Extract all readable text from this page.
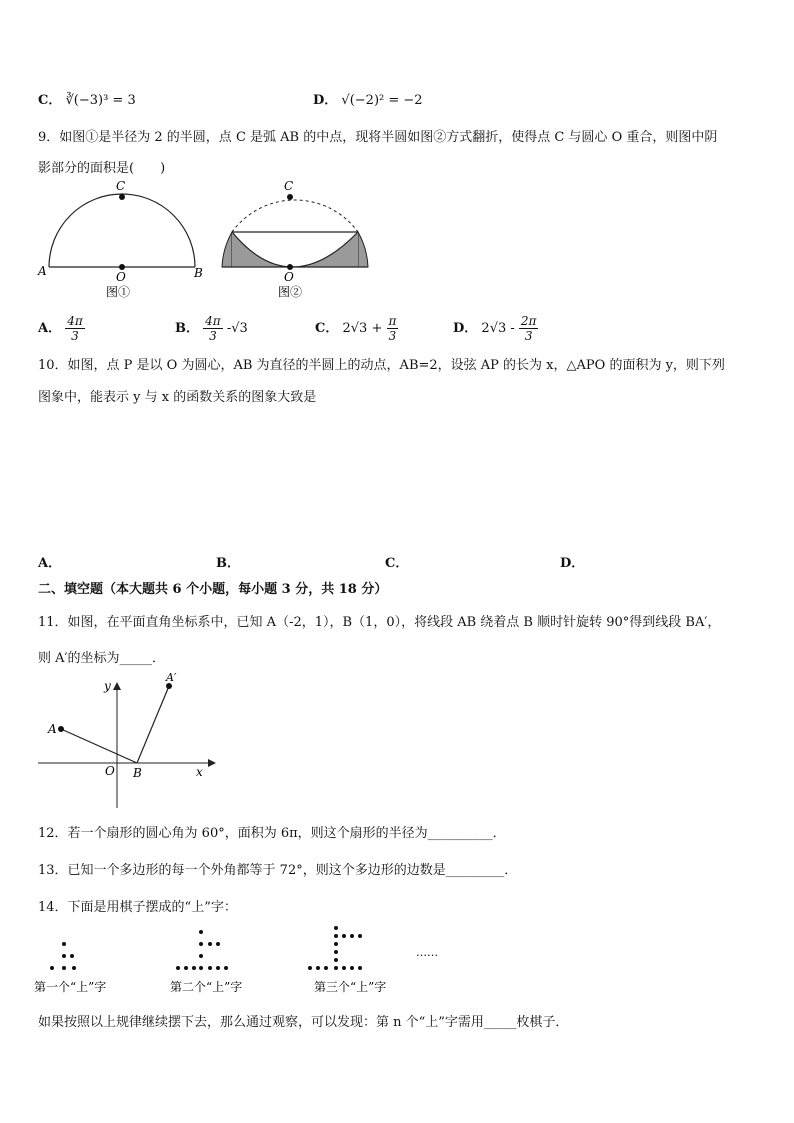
C． ∛(−3)³ = 3	D． √(−2)² = −2
9．如图①是半径为 2 的半圆，点 C 是弧 AB 的中点，现将半圆如图②方式翻折，使得点 C 与圆心 O 重合，则图中阴
影部分的面积是(　　)
C
A	B
O
图①
C
O
图②
A． $\frac{4\pi}{3}$	B． $\frac{4\pi}{3} -√3$	C． $2√3 + \frac{\pi}{3}$	D． $2√3 - \frac{2\pi}{3}$
10．如图，点 P 是以 O 为圆心，AB 为直径的半圆上的动点，AB=2，设弦 AP 的长为 x，△APO 的面积为 y，则下列
图象中，能表示 y 与 x 的函数关系的图象大致是
A．	B．	C．	D．
二、填空题（本大题共 6 个小题，每小题 3 分，共 18 分）
11．如图，在平面直角坐标系中，已知 A（-2，1），B（1，0），将线段 AB 绕着点 B 顺时针旋转 90°得到线段 BA′，
则 A′的坐标为_____．
A
A′
B
O	x
y
12．若一个扇形的圆心角为 60°，面积为 6π，则这个扇形的半径为__________．
13．已知一个多边形的每一个外角都等于 72°，则这个多边形的边数是_________．
14．下面是用棋子摆成的“上”字：
第一个“上”字	第二个“上”字	第三个“上”字
……
如果按照以上规律继续摆下去，那么通过观察，可以发现：第 n 个“上”字需用_____枚棋子．
